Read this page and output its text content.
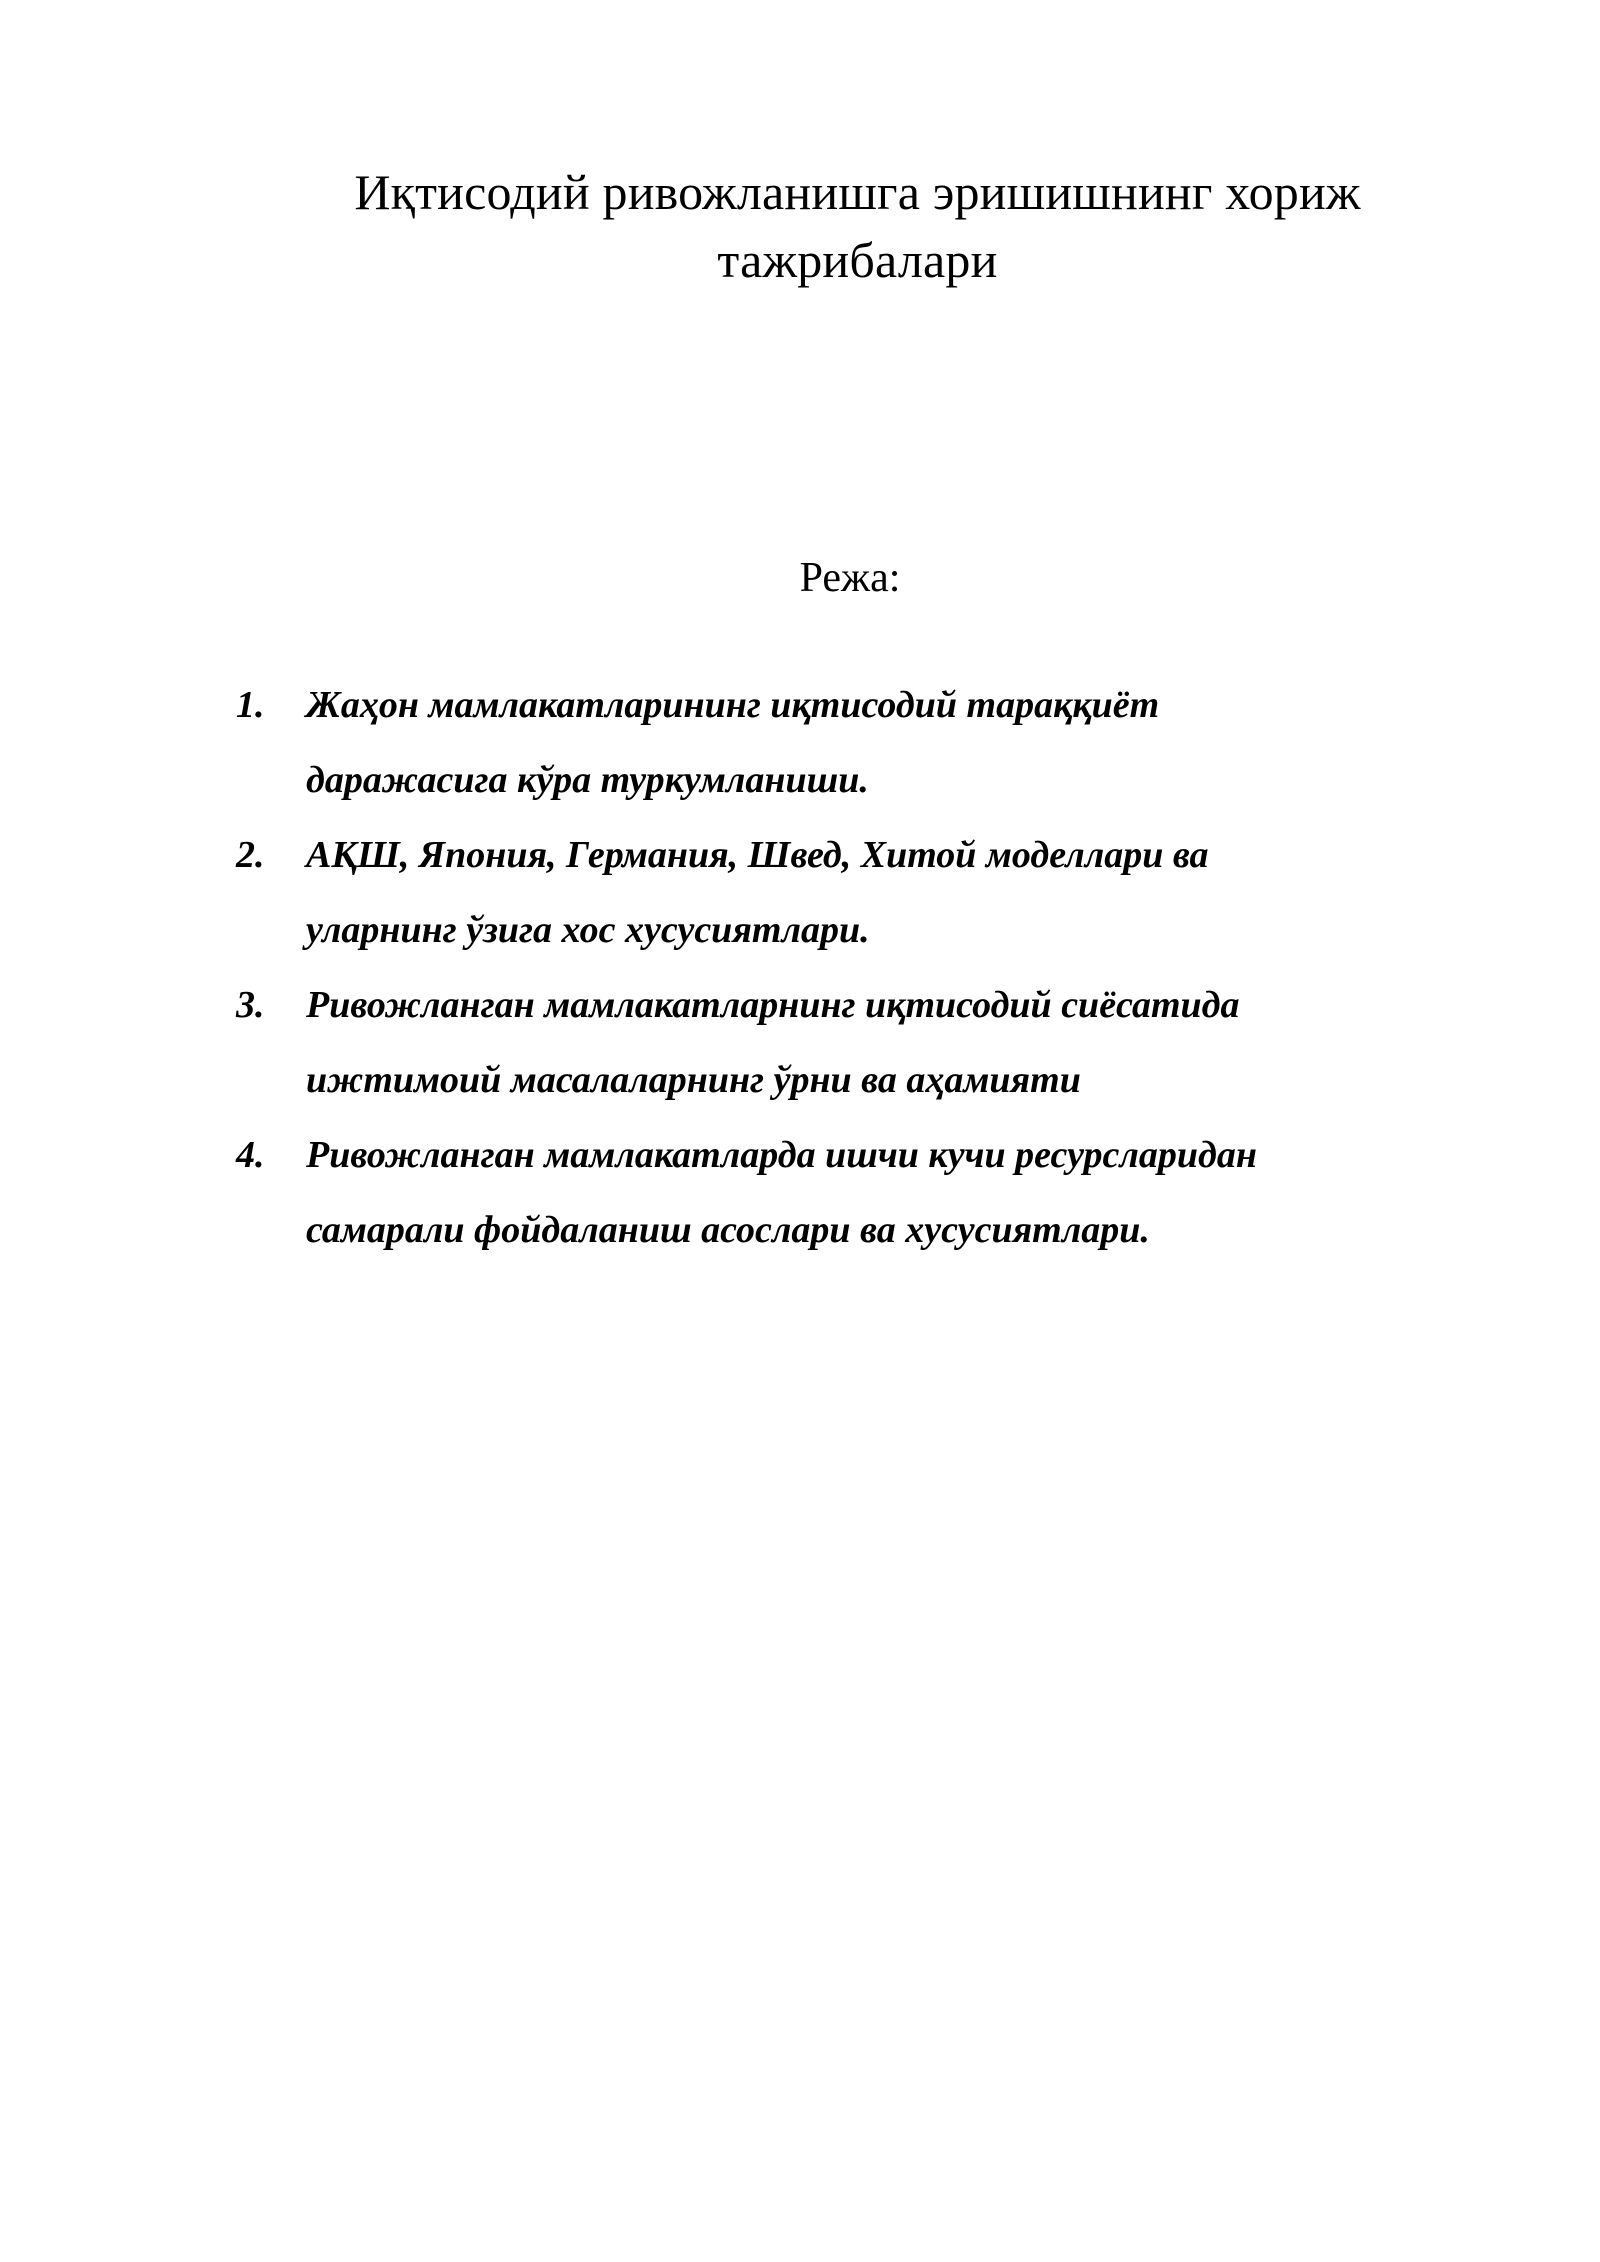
Иқтисодий ривожланишга эришишнинг хориж
тажрибалари
Режа:
1. Жаҳон мамлакатларининг иқтисодий тараққиёт
даражасига кўра туркумланиши.
2. АҚШ, Япония, Германия, Швед, Хитой моделлари ва
уларнинг ўзига хос хусусиятлари.
3. Ривожланган мамлакатларнинг иқтисодий сиёсатида
ижтимоий масалаларнинг ўрни ва аҳамияти
4. Ривожланган мамлакатларда ишчи кучи ресурсларидан
самарали фойдаланиш асослари ва хусусиятлари.
